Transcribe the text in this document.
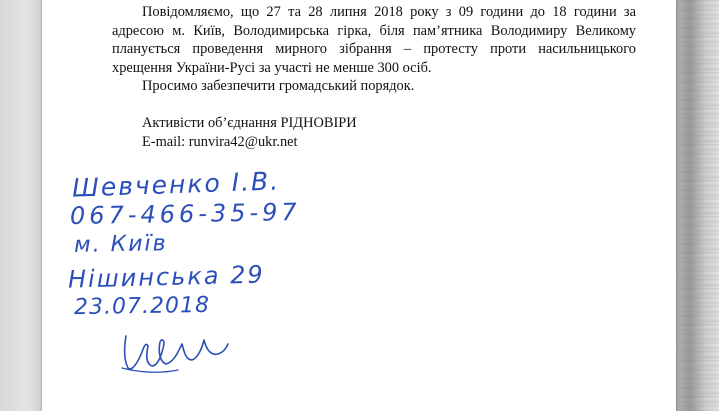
Повідомляємо, що 27 та 28 липня 2018 року з 09 години до 18 години за адресою м. Київ, Володимирська гірка, біля пам’ятника Володимиру Великому планується проведення мирного зібрання – протесту проти насильницького хрещення України-Русі за участі не менше 300 осіб.

Просимо забезпечити громадський порядок.

Активісти об’єднання РІДНОВІРИ

E-mail: runvira42@ukr.net

Шевченко І.В.
067-466-35-97
м. Київ
Нішинська 29
23.07.2018
